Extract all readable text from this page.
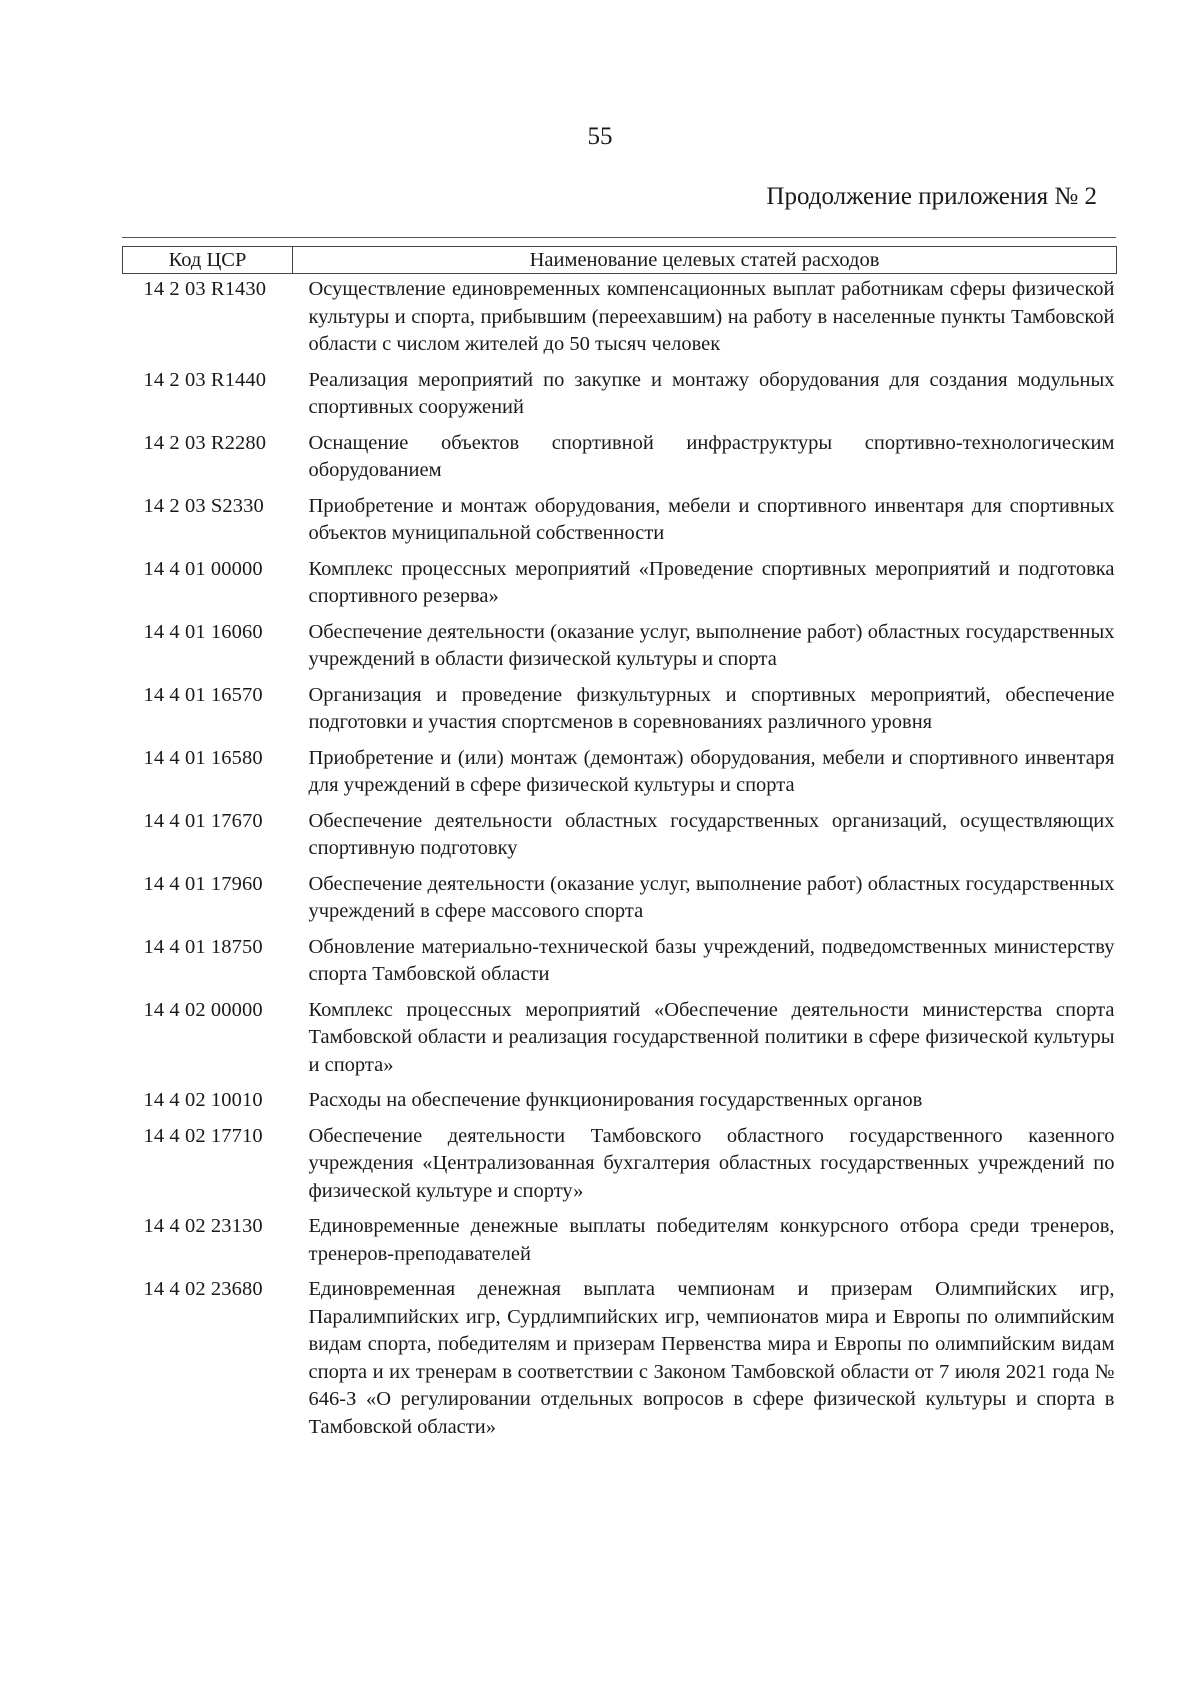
55
Продолжение приложения № 2
Код ЦСР	Наименование целевых статей расходов
14 2 03 R1430	Осуществление единовременных компенсационных выплат работникам сферы физической культуры и спорта, прибывшим (переехавшим) на работу в населенные пункты Тамбовской области с числом жителей до 50 тысяч человек
14 2 03 R1440	Реализация мероприятий по закупке и монтажу оборудования для создания модульных спортивных сооружений
14 2 03 R2280	Оснащение объектов спортивной инфраструктуры спортивно-технологическим оборудованием
14 2 03 S2330	Приобретение и монтаж оборудования, мебели и спортивного инвентаря для спортивных объектов муниципальной собственности
14 4 01 00000	Комплекс процессных мероприятий «Проведение спортивных мероприятий и подготовка спортивного резерва»
14 4 01 16060	Обеспечение деятельности (оказание услуг, выполнение работ) областных государственных учреждений в области физической культуры и спорта
14 4 01 16570	Организация и проведение физкультурных и спортивных мероприятий, обеспечение подготовки и участия спортсменов в соревнованиях различного уровня
14 4 01 16580	Приобретение и (или) монтаж (демонтаж) оборудования, мебели и спортивного инвентаря для учреждений в сфере физической культуры и спорта
14 4 01 17670	Обеспечение деятельности областных государственных организаций, осуществляющих спортивную подготовку
14 4 01 17960	Обеспечение деятельности (оказание услуг, выполнение работ) областных государственных учреждений в сфере массового спорта
14 4 01 18750	Обновление материально-технической базы учреждений, подведомственных министерству спорта Тамбовской области
14 4 02 00000	Комплекс процессных мероприятий «Обеспечение деятельности министерства спорта Тамбовской области и реализация государственной политики в сфере физической культуры и спорта»
14 4 02 10010	Расходы на обеспечение функционирования государственных органов
14 4 02 17710	Обеспечение деятельности Тамбовского областного государственного казенного учреждения «Централизованная бухгалтерия областных государственных учреждений по физической культуре и спорту»
14 4 02 23130	Единовременные денежные выплаты победителям конкурсного отбора среди тренеров, тренеров-преподавателей
14 4 02 23680	Единовременная денежная выплата чемпионам и призерам Олимпийских игр, Паралимпийских игр, Сурдлимпийских игр, чемпионатов мира и Европы по олимпийским видам спорта, победителям и призерам Первенства мира и Европы по олимпийским видам спорта и их тренерам в соответствии с Законом Тамбовской области от 7 июля 2021 года № 646-З «О регулировании отдельных вопросов в сфере физической культуры и спорта в Тамбовской области»
